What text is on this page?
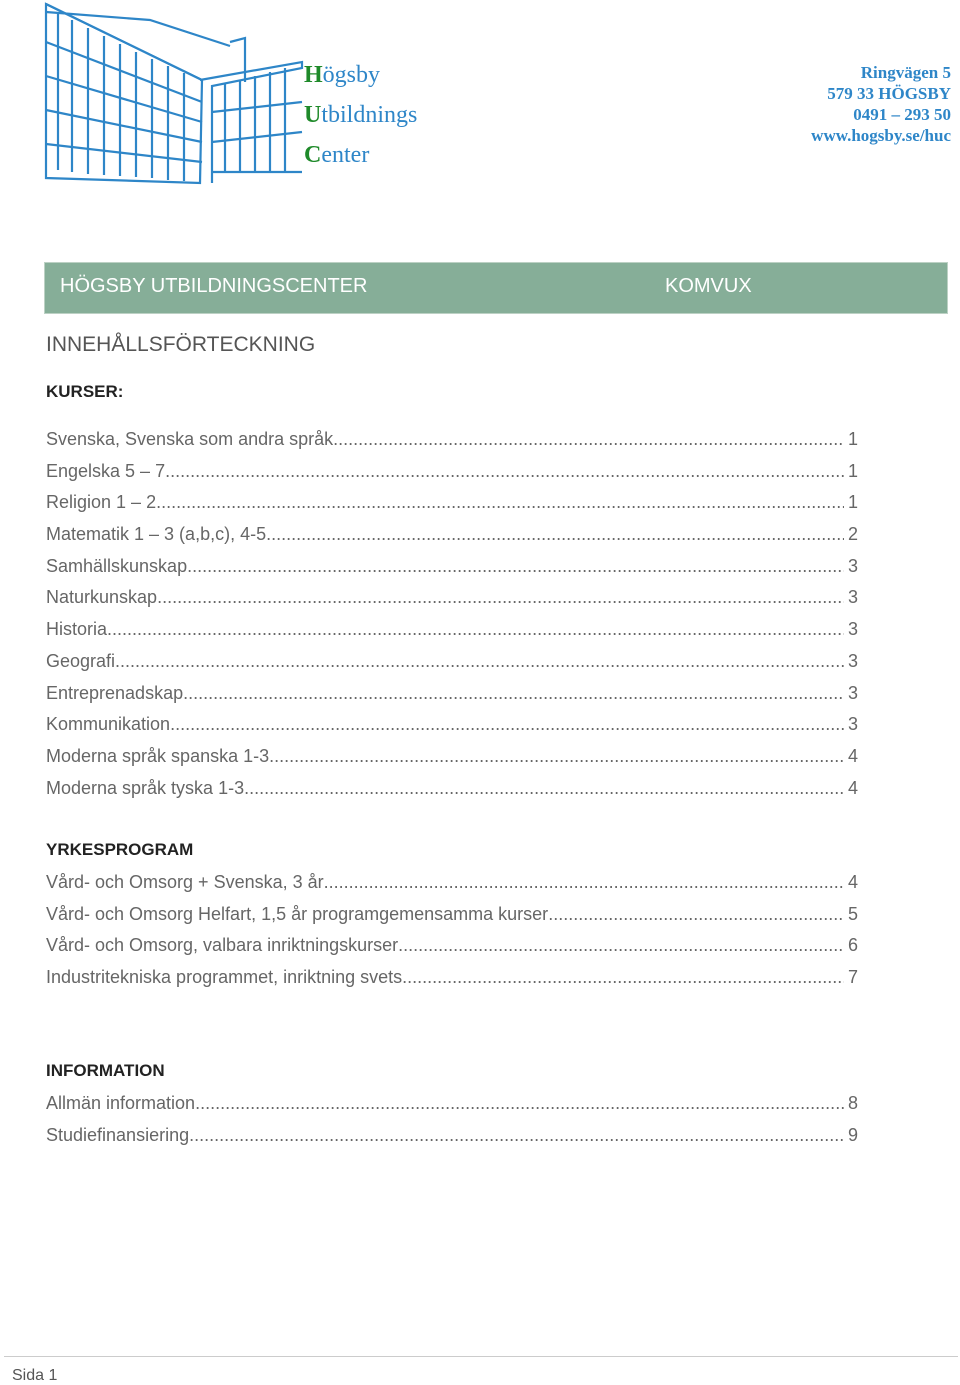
Högsby
Utbildnings
Center
Ringvägen 5
579 33 HÖGSBY
0491 – 293 50
www.hogsby.se/huc
HÖGSBY UTBILDNINGSCENTER	KOMVUX
INNEHÅLLSFÖRTECKNING
KURSER:
Svenska, Svenska som andra språk .....	1
Engelska 5 – 7 .....	1
Religion 1 – 2 .....	1
Matematik 1 – 3 (a,b,c), 4-5 .....	2
Samhällskunskap .....	3
Naturkunskap .....	3
Historia .....	3
Geografi .....	3
Entreprenadskap .....	3
Kommunikation .....	3
Moderna språk spanska 1-3 .....	4
Moderna språk tyska 1-3 .....	4
YRKESPROGRAM
Vård- och Omsorg + Svenska, 3 år .....	4
Vård- och Omsorg Helfart, 1,5 år programgemensamma kurser .....	5
Vård- och Omsorg, valbara inriktningskurser .....	6
Industritekniska programmet, inriktning svets .....	7
INFORMATION
Allmän information .....	8
Studiefinansiering .....	9
Sida 1
